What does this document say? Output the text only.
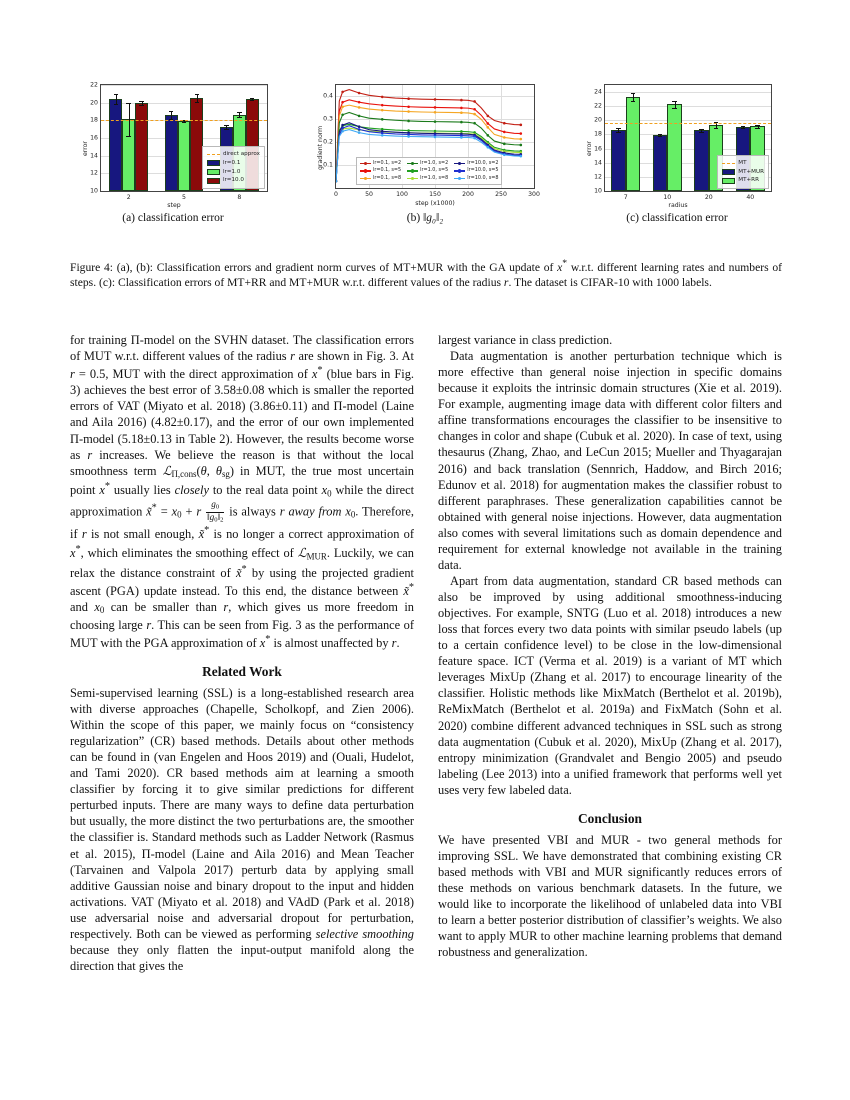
10
12
14
16
18
20
22
2	5	8
direct approx
lr=0.1
lr=1.0
lr=10.0
error
step
(a) classification error
0.1
0.2
0.3
0.4
0	50	100	150	200	250	300
lr=0.1, s=2	lr=1.0, s=2	lr=10.0, s=2
lr=0.1, s=5	lr=1.0, s=5	lr=10.0, s=5
lr=0.1, s=8	lr=1.0, s=8	lr=10.0, s=8
gradient norm
step (x1000)
(b) ‖g₀‖₂
10
12
14
16
18
20
22
24
7	10	20	40
MT
MT+MUR
MT+RR
error
radius
(c) classification error
Figure 4: (a), (b): Classification errors and gradient norm curves of MT+MUR with the GA update of x* w.r.t. different learning rates and numbers of steps. (c): Classification errors of MT+RR and MT+MUR w.r.t. different values of the radius r. The dataset is CIFAR-10 with 1000 labels.

for training Π-model on the SVHN dataset. The classification errors of MUT w.r.t. different values of the radius r are shown in Fig. 3. At r = 0.5, MUT with the direct approximation of x* (blue bars in Fig. 3) achieves the best error of 3.58±0.08 which is smaller the reported errors of VAT (Miyato et al. 2018) (3.86±0.11) and Π-model (Laine and Aila 2016) (4.82±0.17), and the error of our own implemented Π-model (5.18±0.13 in Table 2). However, the results become worse as r increases. We believe the reason is that without the local smoothness term ℒ$_{\Pi,cons}$(θ, $\theta_{sg}$) in MUT, the true most uncertain point x* usually lies closely to the real data point $x_0$ while the direct approximation x̃* = $x_0 + r \frac{g_0}{‖g_0‖_2}$ is always r away from $x_0$. Therefore, if r is not small enough, x̃* is no longer a correct approximation of x*, which eliminates the smoothing effect of ℒ$_{MUR}$. Luckily, we can relax the distance constraint of x̃* by using the projected gradient ascent (PGA) update instead. To this end, the distance between x̃* and $x_0$ can be smaller than r, which gives us more freedom in choosing large r. This can be seen from Fig. 3 as the performance of MUT with the PGA approximation of x* is almost unaffected by r.

Related Work

Semi-supervised learning (SSL) is a long-established research area with diverse approaches (Chapelle, Scholkopf, and Zien 2006). Within the scope of this paper, we mainly focus on “consistency regularization” (CR) based methods. Details about other methods can be found in (van Engelen and Hoos 2019) and (Ouali, Hudelot, and Tami 2020). CR based methods aim at learning a smooth classifier by forcing it to give similar predictions for different perturbed inputs. There are many ways to define data perturbation but usually, the more distinct the two perturbations are, the smoother the classifier is. Standard methods such as Ladder Network (Rasmus et al. 2015), Π-model (Laine and Aila 2016) and Mean Teacher (Tarvainen and Valpola 2017) perturb data by applying small additive Gaussian noise and binary dropout to the input and hidden activations. VAT (Miyato et al. 2018) and VAdD (Park et al. 2018) use adversarial noise and adversarial dropout for perturbation, respectively. Both can be viewed as performing selective smoothing because they only flatten the input-output manifold along the direction that gives the

largest variance in class prediction.

Data augmentation is another perturbation technique which is more effective than general noise injection in specific domains because it exploits the intrinsic domain structures (Xie et al. 2019). For example, augmenting image data with different color filters and affine transformations encourages the classifier to be insensitive to changes in color and shape (Cubuk et al. 2020). In case of text, using thesaurus (Zhang, Zhao, and LeCun 2015; Mueller and Thyagarajan 2016) and back translation (Sennrich, Haddow, and Birch 2016; Edunov et al. 2018) for augmentation makes the classifier robust to different paraphrases. These generalization capabilities cannot be obtained with general noise injections. However, data augmentation also comes with several limitations such as domain dependence and requirement for external knowledge not available in the training data.

Apart from data augmentation, standard CR based methods can also be improved by using additional smoothness-inducing objectives. For example, SNTG (Luo et al. 2018) introduces a new loss that forces every two data points with similar pseudo labels (up to a certain confidence level) to be close in the low-dimensional feature space. ICT (Verma et al. 2019) is a variant of MT which leverages MixUp (Zhang et al. 2017) to encourage linearity of the classifier. Holistic methods like MixMatch (Berthelot et al. 2019b), ReMixMatch (Berthelot et al. 2019a) and FixMatch (Sohn et al. 2020) combine different advanced techniques in SSL such as strong data augmentation (Cubuk et al. 2020), MixUp (Zhang et al. 2017), entropy minimization (Grandvalet and Bengio 2005) and pseudo labeling (Lee 2013) into a unified framework that performs well yet uses very few labeled data.

Conclusion

We have presented VBI and MUR - two general methods for improving SSL. We have demonstrated that combining existing CR based methods with VBI and MUR significantly reduces errors of these methods on various benchmark datasets. In the future, we would like to incorporate the likelihood of unlabeled data into VBI to learn a better posterior distribution of classifier’s weights. We also want to apply MUR to other machine learning problems that demand robustness and generalization.
